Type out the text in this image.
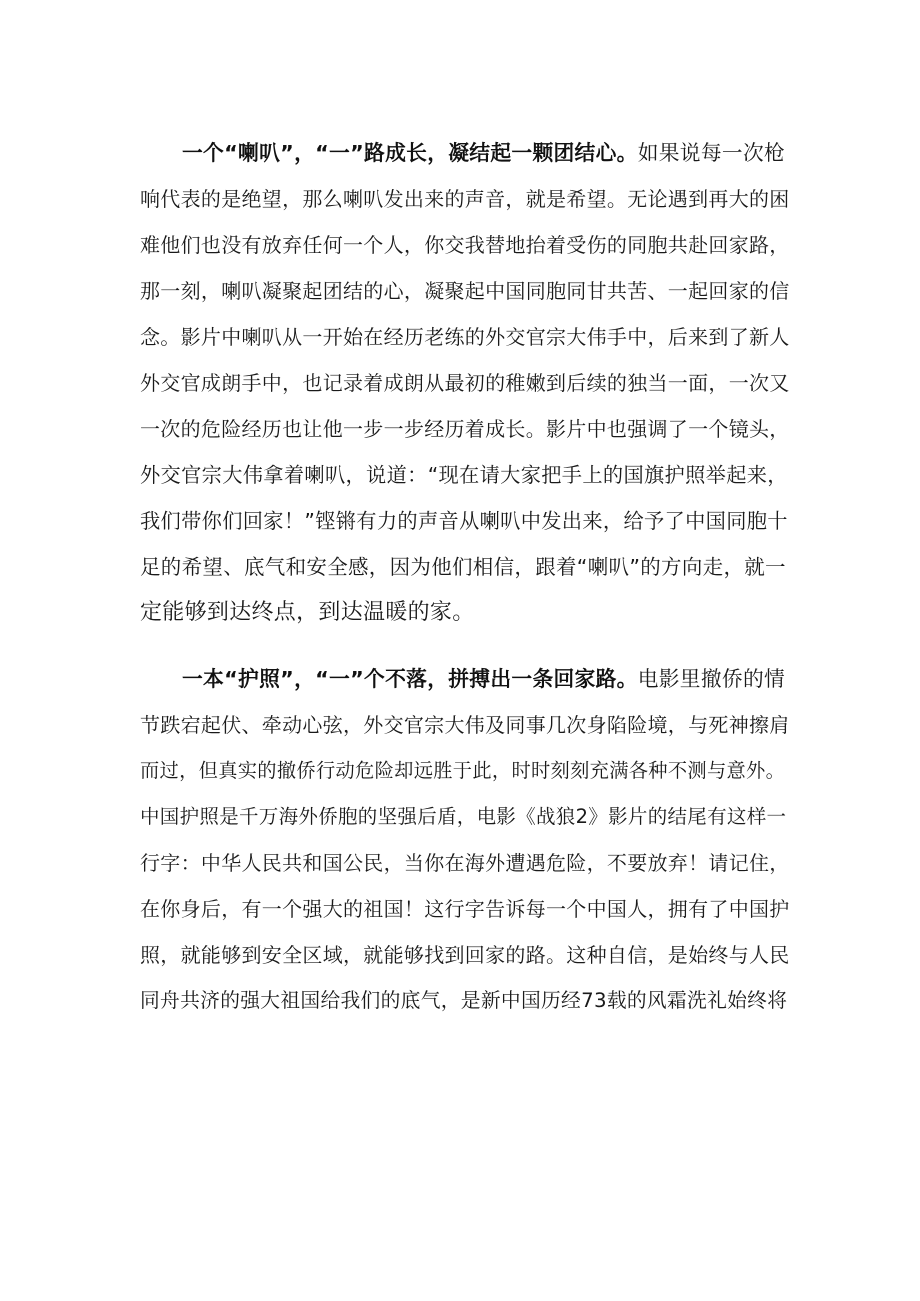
一个“喇叭”，“一”路成长，凝结起一颗团结心。如果说每一次枪
响代表的是绝望，那么喇叭发出来的声音，就是希望。无论遇到再大的困
难他们也没有放弃任何一个人，你交我替地抬着受伤的同胞共赴回家路，
那一刻，喇叭凝聚起团结的心，凝聚起中国同胞同甘共苦、一起回家的信
念。影片中喇叭从一开始在经历老练的外交官宗大伟手中，后来到了新人
外交官成朗手中，也记录着成朗从最初的稚嫩到后续的独当一面，一次又
一次的危险经历也让他一步一步经历着成长。影片中也强调了一个镜头，
外交官宗大伟拿着喇叭，说道：“现在请大家把手上的国旗护照举起来，
我们带你们回家！”铿锵有力的声音从喇叭中发出来，给予了中国同胞十
足的希望、底气和安全感，因为他们相信，跟着“喇叭”的方向走，就一
定能够到达终点，到达温暖的家。
一本“护照”，“一”个不落，拼搏出一条回家路。电影里撤侨的情
节跌宕起伏、牵动心弦，外交官宗大伟及同事几次身陷险境，与死神擦肩
而过，但真实的撤侨行动危险却远胜于此，时时刻刻充满各种不测与意外。
中国护照是千万海外侨胞的坚强后盾，电影《战狼2》影片的结尾有这样一
行字：中华人民共和国公民，当你在海外遭遇危险，不要放弃！请记住，
在你身后，有一个强大的祖国！这行字告诉每一个中国人，拥有了中国护
照，就能够到安全区域，就能够找到回家的路。这种自信，是始终与人民
同舟共济的强大祖国给我们的底气，是新中国历经73载的风霜洗礼始终将
